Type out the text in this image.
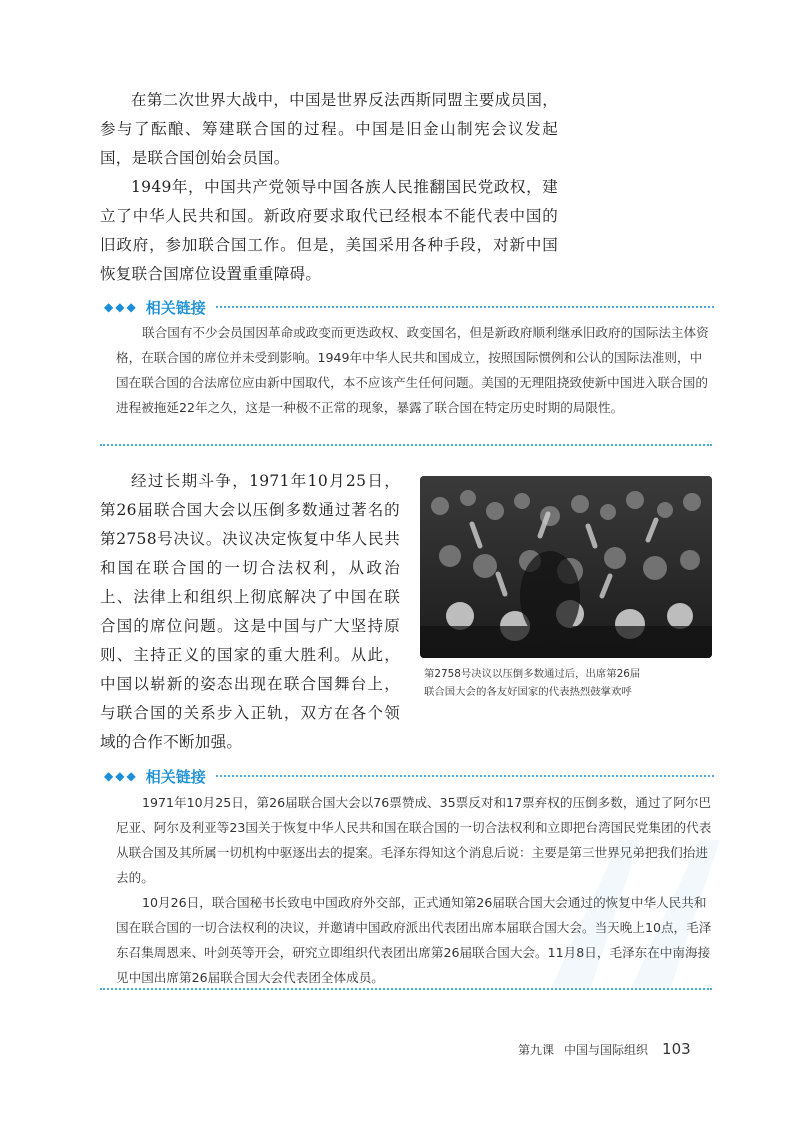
在第二次世界大战中，中国是世界反法西斯同盟主要成员国，参与了酝酿、筹建联合国的过程。中国是旧金山制宪会议发起国，是联合国创始会员国。

1949年，中国共产党领导中国各族人民推翻国民党政权，建立了中华人民共和国。新政府要求取代已经根本不能代表中国的旧政府，参加联合国工作。但是，美国采用各种手段，对新中国恢复联合国席位设置重重障碍。

◆◆◆ 相关链接

联合国有不少会员国因革命或政变而更迭政权、政变国名，但是新政府顺利继承旧政府的国际法主体资格，在联合国的席位并未受到影响。1949年中华人民共和国成立，按照国际惯例和公认的国际法准则，中国在联合国的合法席位应由新中国取代，本不应该产生任何问题。美国的无理阻挠致使新中国进入联合国的进程被拖延22年之久，这是一种极不正常的现象，暴露了联合国在特定历史时期的局限性。

经过长期斗争，1971年10月25日，第26届联合国大会以压倒多数通过著名的第2758号决议。决议决定恢复中华人民共和国在联合国的一切合法权利，从政治上、法律上和组织上彻底解决了中国在联合国的席位问题。这是中国与广大坚持原则、主持正义的国家的重大胜利。从此，中国以崭新的姿态出现在联合国舞台上，与联合国的关系步入正轨，双方在各个领域的合作不断加强。

第2758号决议以压倒多数通过后，出席第26届
联合国大会的各友好国家的代表热烈鼓掌欢呼
◆◆◆ 相关链接

1971年10月25日，第26届联合国大会以76票赞成、35票反对和17票弃权的压倒多数，通过了阿尔巴尼亚、阿尔及利亚等23国关于恢复中华人民共和国在联合国的一切合法权利和立即把台湾国民党集团的代表从联合国及其所属一切机构中驱逐出去的提案。毛泽东得知这个消息后说：主要是第三世界兄弟把我们抬进去的。

10月26日，联合国秘书长致电中国政府外交部，正式通知第26届联合国大会通过的恢复中华人民共和国在联合国的一切合法权利的决议，并邀请中国政府派出代表团出席本届联合国大会。当天晚上10点，毛泽东召集周恩来、叶剑英等开会，研究立即组织代表团出席第26届联合国大会。11月8日，毛泽东在中南海接见中国出席第26届联合国大会代表团全体成员。

第九课 中国与国际组织 103
